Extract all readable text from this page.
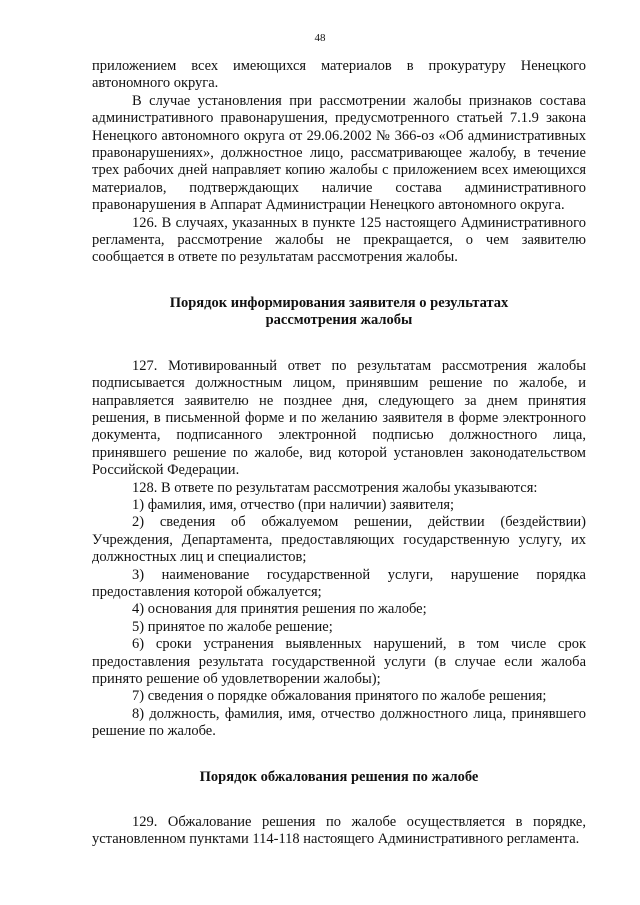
48

приложением всех имеющихся материалов в прокуратуру Ненецкого автономного округа.

В случае установления при рассмотрении жалобы признаков состава административного правонарушения, предусмотренного статьей 7.1.9 закона Ненецкого автономного округа от 29.06.2002 № 366-оз «Об административных правонарушениях», должностное лицо, рассматривающее жалобу, в течение трех рабочих дней направляет копию жалобы с приложением всех имеющихся материалов, подтверждающих наличие состава административного правонарушения в Аппарат Администрации Ненецкого автономного округа.

126. В случаях, указанных в пункте 125 настоящего Административного регламента, рассмотрение жалобы не прекращается, о чем заявителю сообщается в ответе по результатам рассмотрения жалобы.

Порядок информирования заявителя о результатах
рассмотрения жалобы

127. Мотивированный ответ по результатам рассмотрения жалобы подписывается должностным лицом, принявшим решение по жалобе, и направляется заявителю не позднее дня, следующего за днем принятия решения, в письменной форме и по желанию заявителя в форме электронного документа, подписанного электронной подписью должностного лица, принявшего решение по жалобе, вид которой установлен законодательством Российской Федерации.

128. В ответе по результатам рассмотрения жалобы указываются:

1) фамилия, имя, отчество (при наличии) заявителя;

2) сведения об обжалуемом решении, действии (бездействии) Учреждения, Департамента, предоставляющих государственную услугу, их должностных лиц и специалистов;

3) наименование государственной услуги, нарушение порядка предоставления которой обжалуется;

4) основания для принятия решения по жалобе;

5) принятое по жалобе решение;

6) сроки устранения выявленных нарушений, в том числе срок предоставления результата государственной услуги (в случае если жалоба принято решение об удовлетворении жалобы);

7) сведения о порядке обжалования принятого по жалобе решения;

8) должность, фамилия, имя, отчество должностного лица, принявшего решение по жалобе.

Порядок обжалования решения по жалобе

129. Обжалование решения по жалобе осуществляется в порядке, установленном пунктами 114-118 настоящего Административного регламента.
